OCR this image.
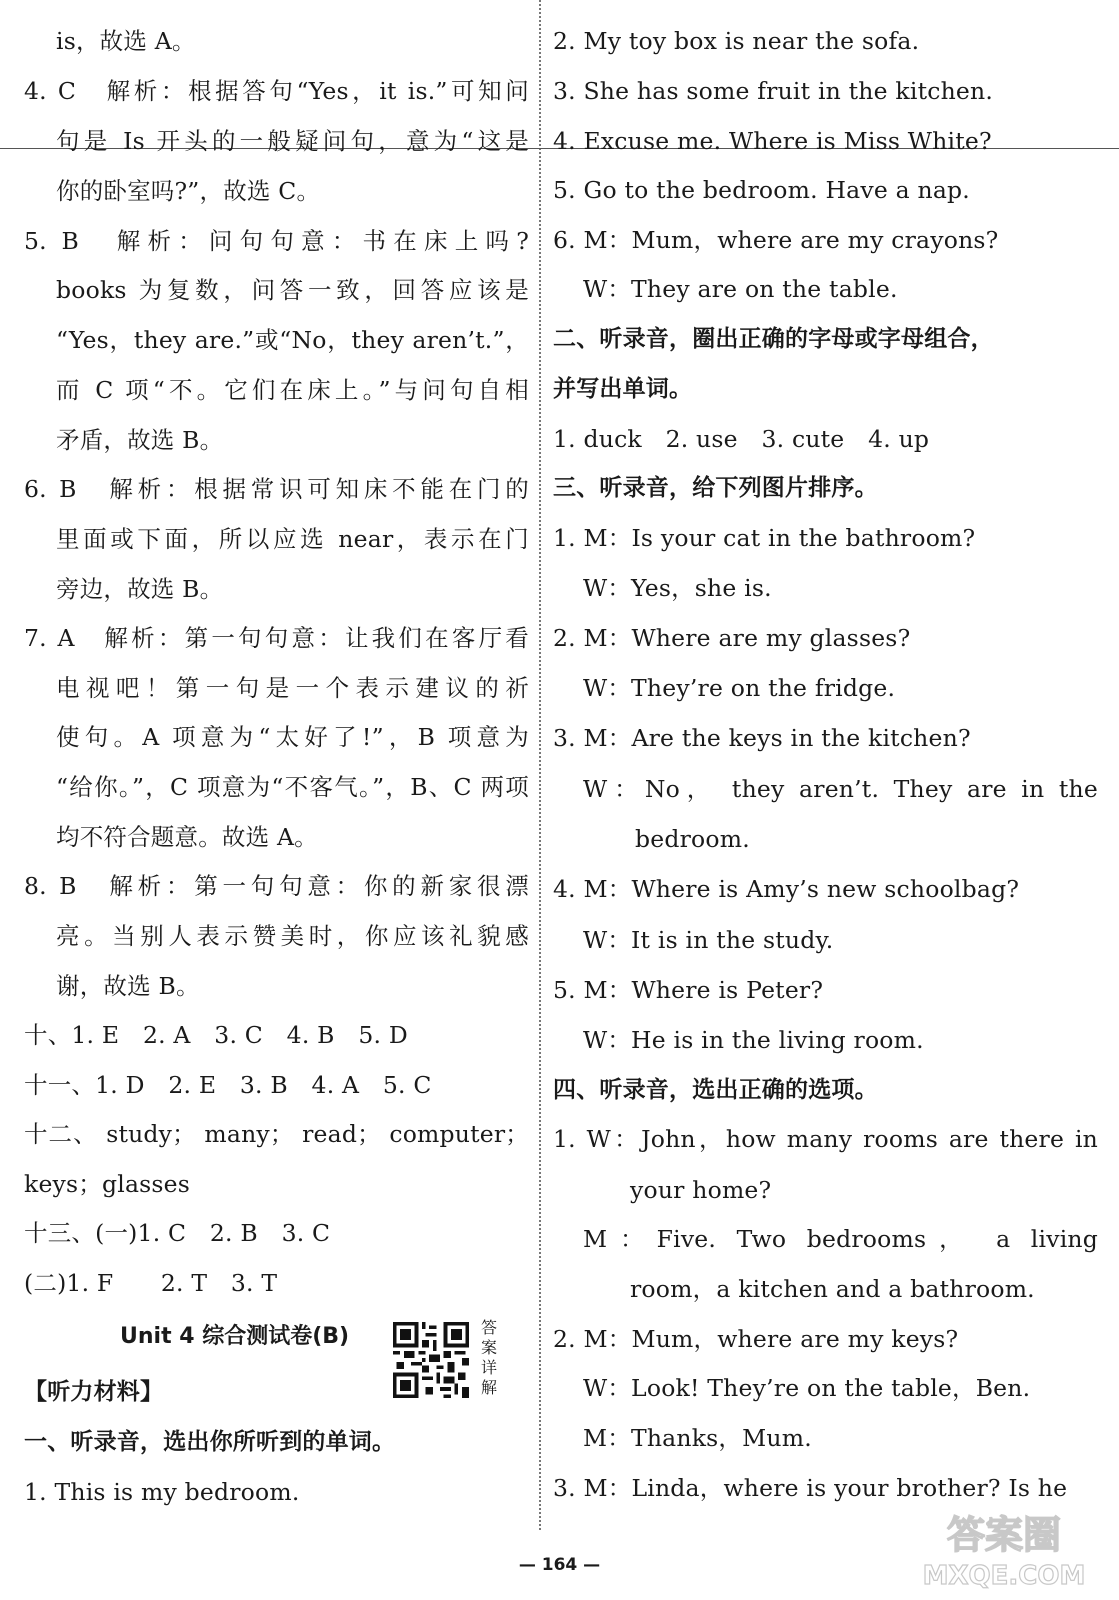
is，故选 A。
4. C　解析：根据答句“Yes，it is.”可知问
句是 Is 开头的一般疑问句，意为“这是
你的卧室吗?”，故选 C。
5. B　解析：问句句意：书在床上吗?
books 为复数，问答一致，回答应该是
“Yes，they are.”或“No，they aren’t.”，
而 C 项“不。它们在床上。”与问句自相
矛盾，故选 B。
6. B　解析：根据常识可知床不能在门的
里面或下面，所以应选 near，表示在门
旁边，故选 B。
7. A　解析：第一句句意：让我们在客厅看
电视吧！第一句是一个表示建议的祈
使句。A 项意为“太好了!”，B 项意为
“给你。”，C 项意为“不客气。”，B、C 两项
均不符合题意。故选 A。
8. B　解析：第一句句意：你的新家很漂
亮。当别人表示赞美时，你应该礼貌感
谢，故选 B。
十、1. E　2. A　3. C　4. B　5. D
十一、1. D　2. E　3. B　4. A　5. C
十二、 study； many； read； computer；
keys；glasses
十三、(一)1. C　2. B　3. C
(二)1. F　　2. T　3. T
【听力材料】
一、听录音，选出你所听到的单词。
1. This is my bedroom.
Unit 4 综合测试卷(B)	答
案
详
解
2. My toy box is near the sofa.
3. She has some fruit in the kitchen.
4. Excuse me. Where is Miss White?
5. Go to the bedroom. Have a nap.
6. M：Mum，where are my crayons?
W：They are on the table.
二、听录音，圈出正确的字母或字母组合，
并写出单词。
1. duck　2. use　3. cute　4. up
三、听录音，给下列图片排序。
1. M：Is your cat in the bathroom?
W：Yes，she is.
2. M：Where are my glasses?
W：They’re on the fridge.
3. M：Are the keys in the kitchen?
W：No， they aren’t. They are in the
bedroom.
4. M：Where is Amy’s new schoolbag?
W：It is in the study.
5. M：Where is Peter?
W：He is in the living room.
四、听录音，选出正确的选项。
1. W：John，how many rooms are there in
your home?
M：Five. Two bedrooms， a living
room，a kitchen and a bathroom.
2. M：Mum，where are my keys?
W：Look! They’re on the table，Ben.
M：Thanks，Mum.
3. M：Linda，where is your brother? Is he
— 164 —
答案圈
MXQE.COM
